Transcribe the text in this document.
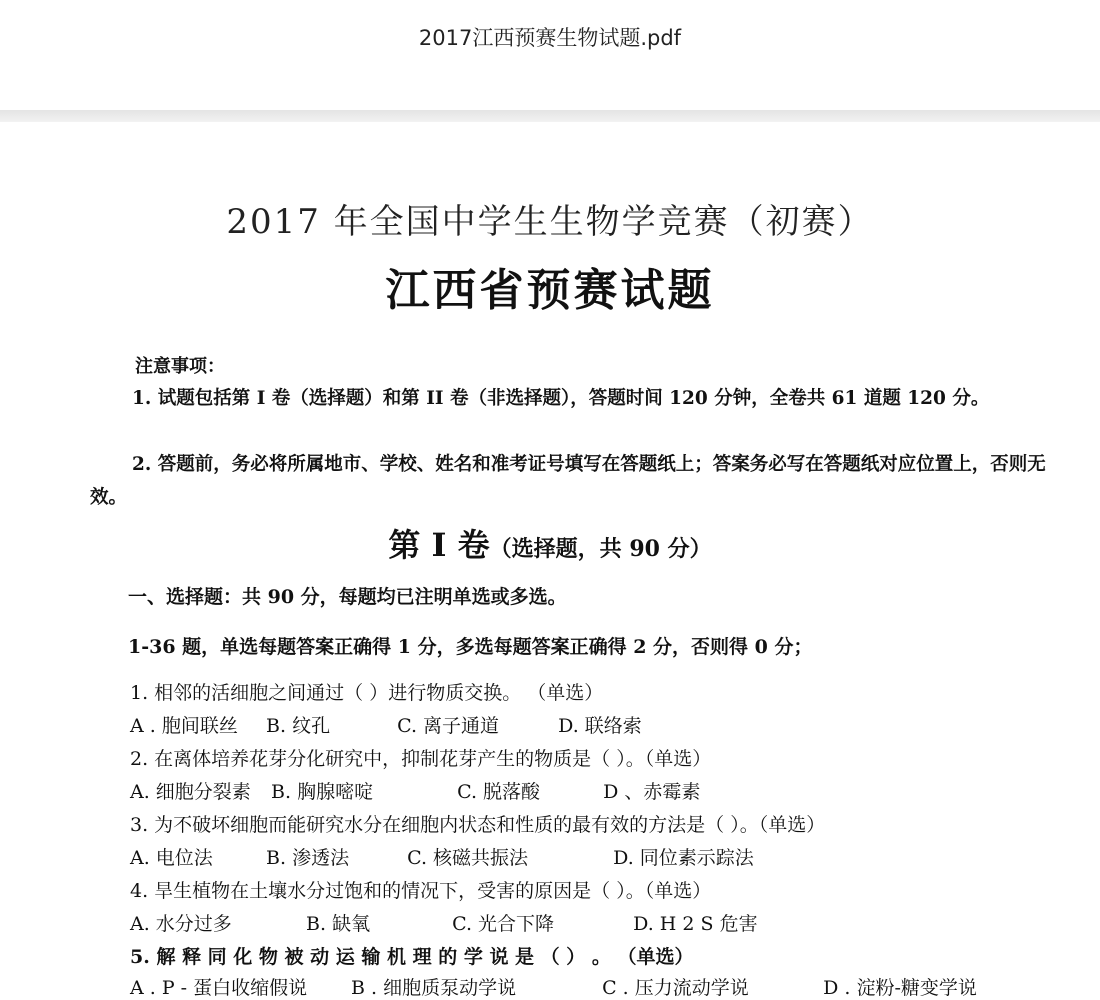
2017江西预赛生物试题.pdf
2017 年全国中学生生物学竞赛（初赛）
江西省预赛试题
注意事项：
1. 试题包括第 I 卷（选择题）和第 II 卷（非选择题），答题时间 120 分钟，全卷共 61 道题 120 分。
2. 答题前，务必将所属地市、学校、姓名和准考证号填写在答题纸上；答案务必写在答题纸对应位置上，否则无效。
第 I 卷（选择题，共 90 分）
一、选择题：共 90 分，每题均已注明单选或多选。
1-36 题，单选每题答案正确得 1 分，多选每题答案正确得 2 分，否则得 0 分；
1. 相邻的活细胞之间通过（ ）进行物质交换。 （单选）
A . 胞间联丝 B. 纹孔	C. 离子通道	D. 联络索
2. 在离体培养花芽分化研究中，抑制花芽产生的物质是（ ）。（单选）
A. 细胞分裂素 B. 胸腺嘧啶	C. 脱落酸	D 、赤霉素
3. 为不破坏细胞而能研究水分在细胞内状态和性质的最有效的方法是（ ）。（单选）
A. 电位法	B. 渗透法	C. 核磁共振法	D. 同位素示踪法
4. 旱生植物在土壤水分过饱和的情况下，受害的原因是（ ）。（单选）
A. 水分过多	B. 缺氧	C. 光合下降	D. H 2 S 危害
5. 解 释 同 化 物 被 动 运 输 机 理 的 学 说 是 （ ） 。 （单选）
A . P - 蛋白收缩假说 B . 细胞质泵动学说	C . 压力流动学说	D . 淀粉-糖变学说
